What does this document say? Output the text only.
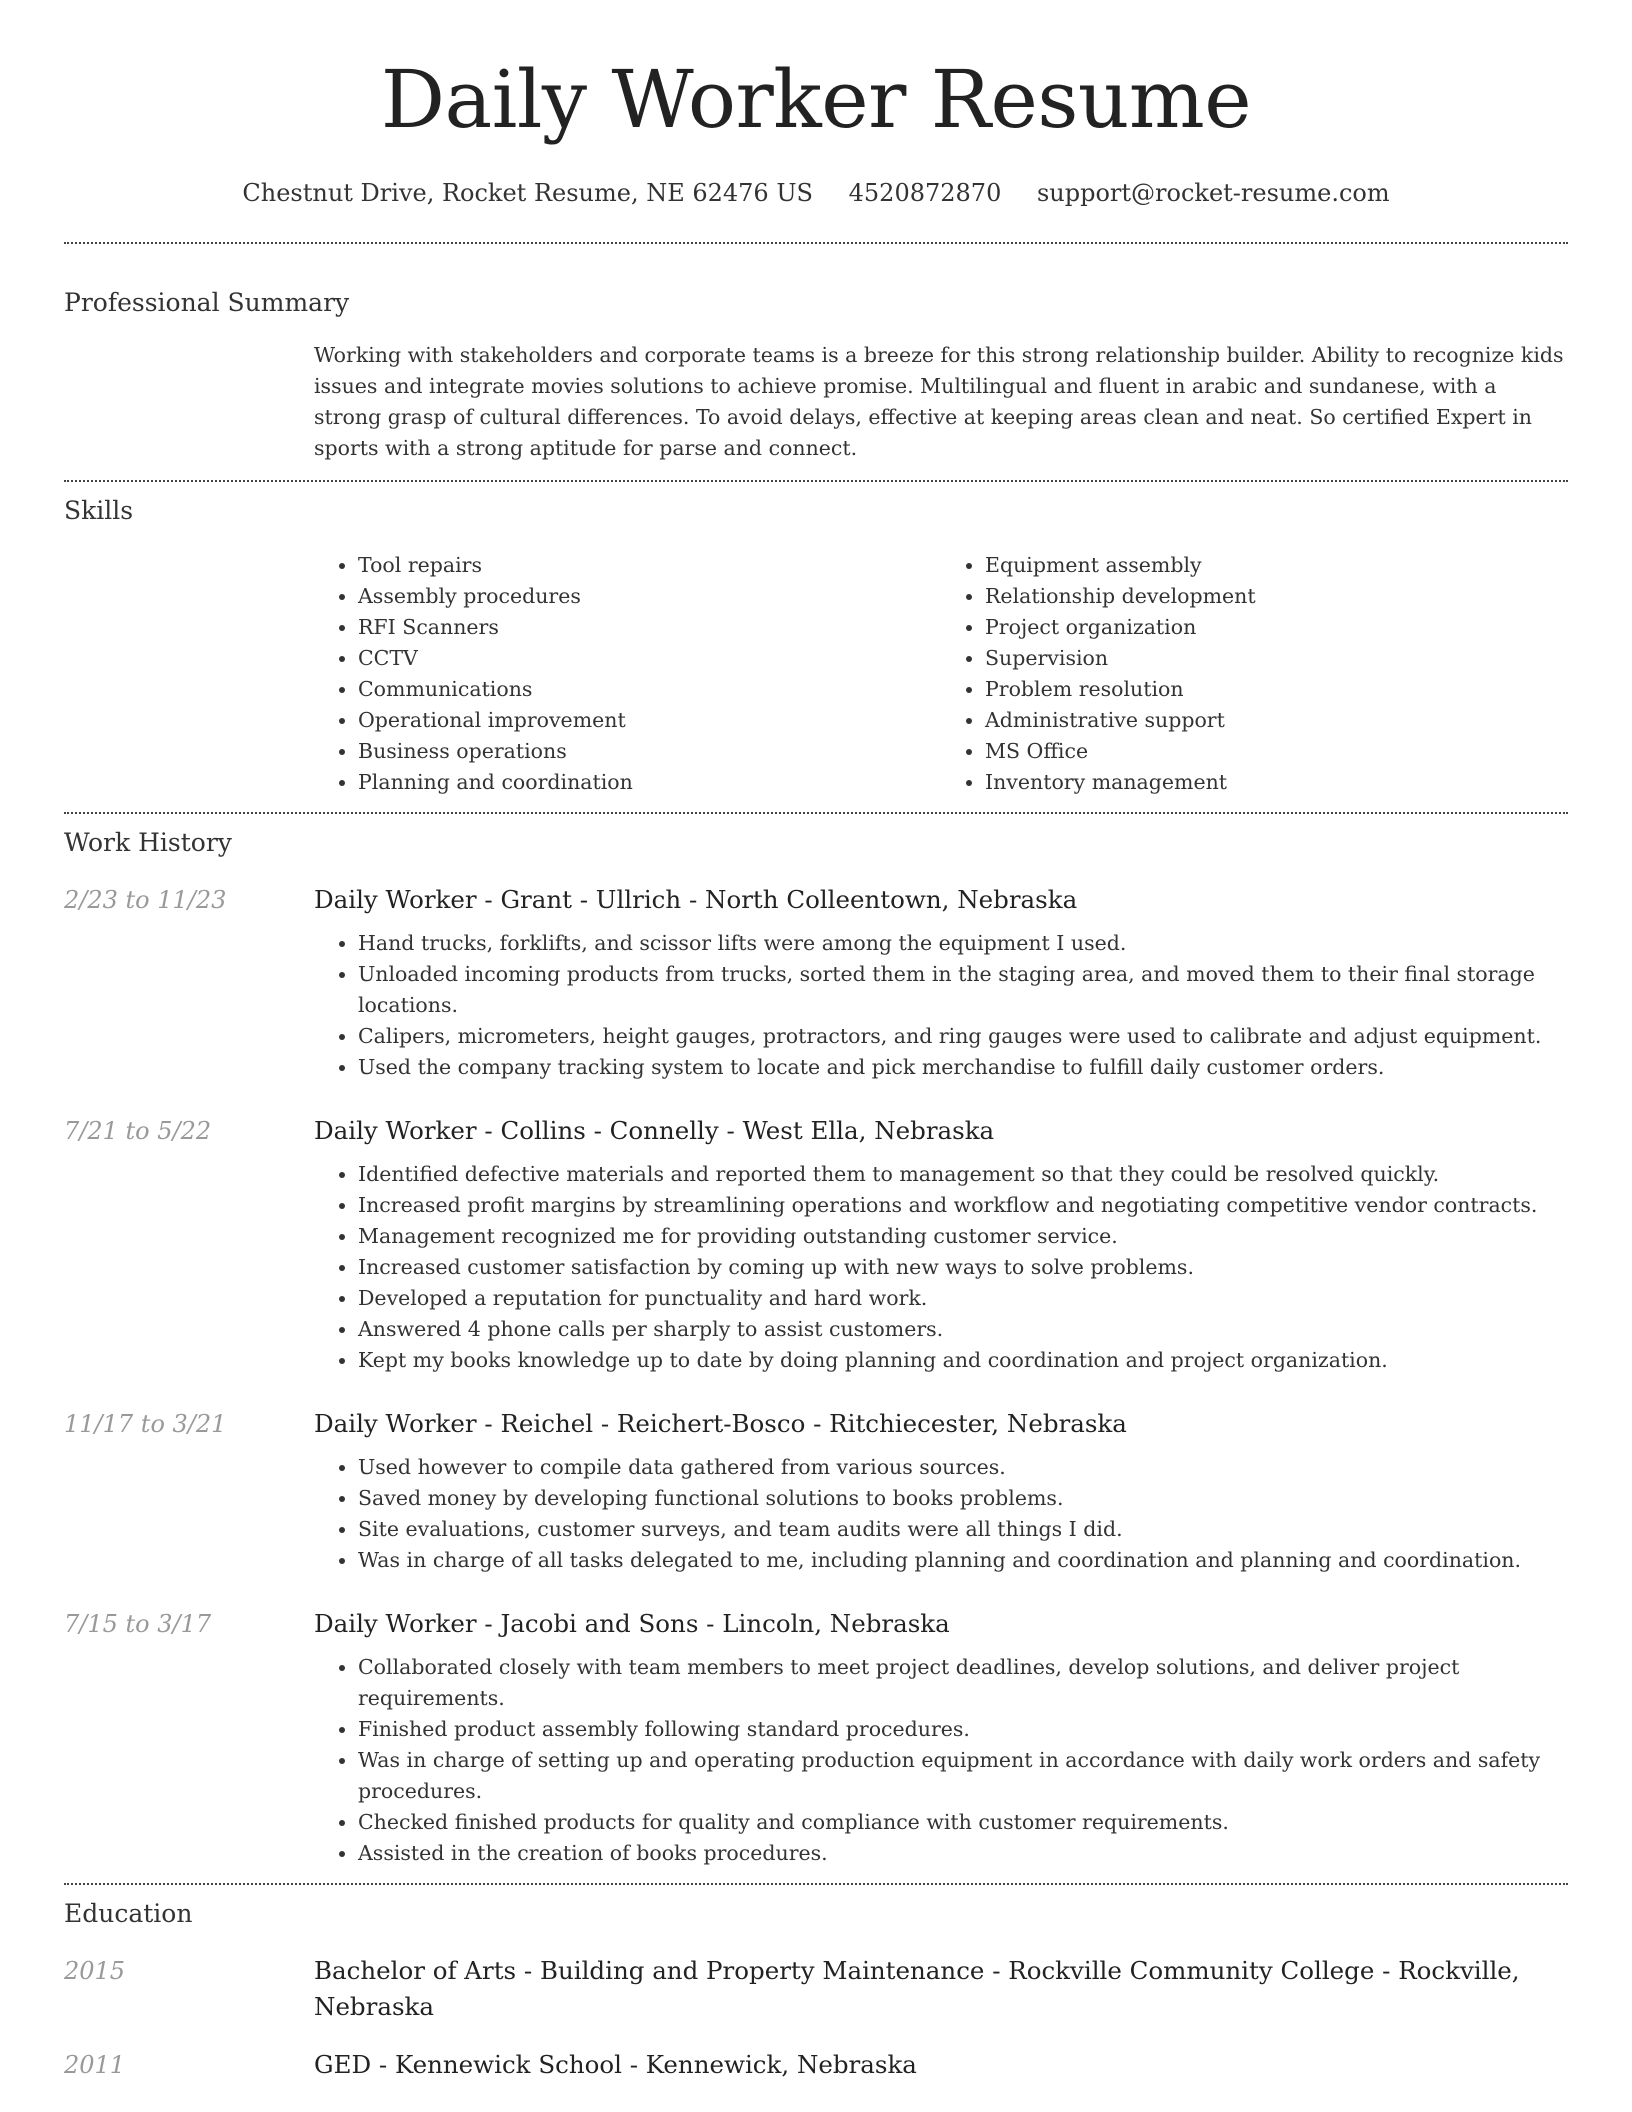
Daily Worker Resume
Chestnut Drive, Rocket Resume, NE 62476 US 4520872870 support@rocket-resume.com
Professional Summary

Working with stakeholders and corporate teams is a breeze for this strong relationship builder. Ability to recognize kids issues and integrate movies solutions to achieve promise. Multilingual and fluent in arabic and sundanese, with a strong grasp of cultural differences. To avoid delays, effective at keeping areas clean and neat. So certified Expert in sports with a strong aptitude for parse and connect.

Skills
• Tool repairs
• Assembly procedures
• RFI Scanners
• CCTV
• Communications
• Operational improvement
• Business operations
• Planning and coordination
• Equipment assembly
• Relationship development
• Project organization
• Supervision
• Problem resolution
• Administrative support
• MS Office
• Inventory management
Work History
2/23 to 11/23	Daily Worker - Grant - Ullrich - North Colleentown, Nebraska
• Hand trucks, forklifts, and scissor lifts were among the equipment I used.
• Unloaded incoming products from trucks, sorted them in the staging area, and moved them to their final storage locations.
• Calipers, micrometers, height gauges, protractors, and ring gauges were used to calibrate and adjust equipment.
• Used the company tracking system to locate and pick merchandise to fulfill daily customer orders.
7/21 to 5/22	Daily Worker - Collins - Connelly - West Ella, Nebraska
• Identified defective materials and reported them to management so that they could be resolved quickly.
• Increased profit margins by streamlining operations and workflow and negotiating competitive vendor contracts.
• Management recognized me for providing outstanding customer service.
• Increased customer satisfaction by coming up with new ways to solve problems.
• Developed a reputation for punctuality and hard work.
• Answered 4 phone calls per sharply to assist customers.
• Kept my books knowledge up to date by doing planning and coordination and project organization.
11/17 to 3/21	Daily Worker - Reichel - Reichert-Bosco - Ritchiecester, Nebraska
• Used however to compile data gathered from various sources.
• Saved money by developing functional solutions to books problems.
• Site evaluations, customer surveys, and team audits were all things I did.
• Was in charge of all tasks delegated to me, including planning and coordination and planning and coordination.
7/15 to 3/17	Daily Worker - Jacobi and Sons - Lincoln, Nebraska
• Collaborated closely with team members to meet project deadlines, develop solutions, and deliver project requirements.
• Finished product assembly following standard procedures.
• Was in charge of setting up and operating production equipment in accordance with daily work orders and safety procedures.
• Checked finished products for quality and compliance with customer requirements.
• Assisted in the creation of books procedures.
Education
2015	Bachelor of Arts - Building and Property Maintenance - Rockville Community College - Rockville, Nebraska
2011	GED - Kennewick School - Kennewick, Nebraska
